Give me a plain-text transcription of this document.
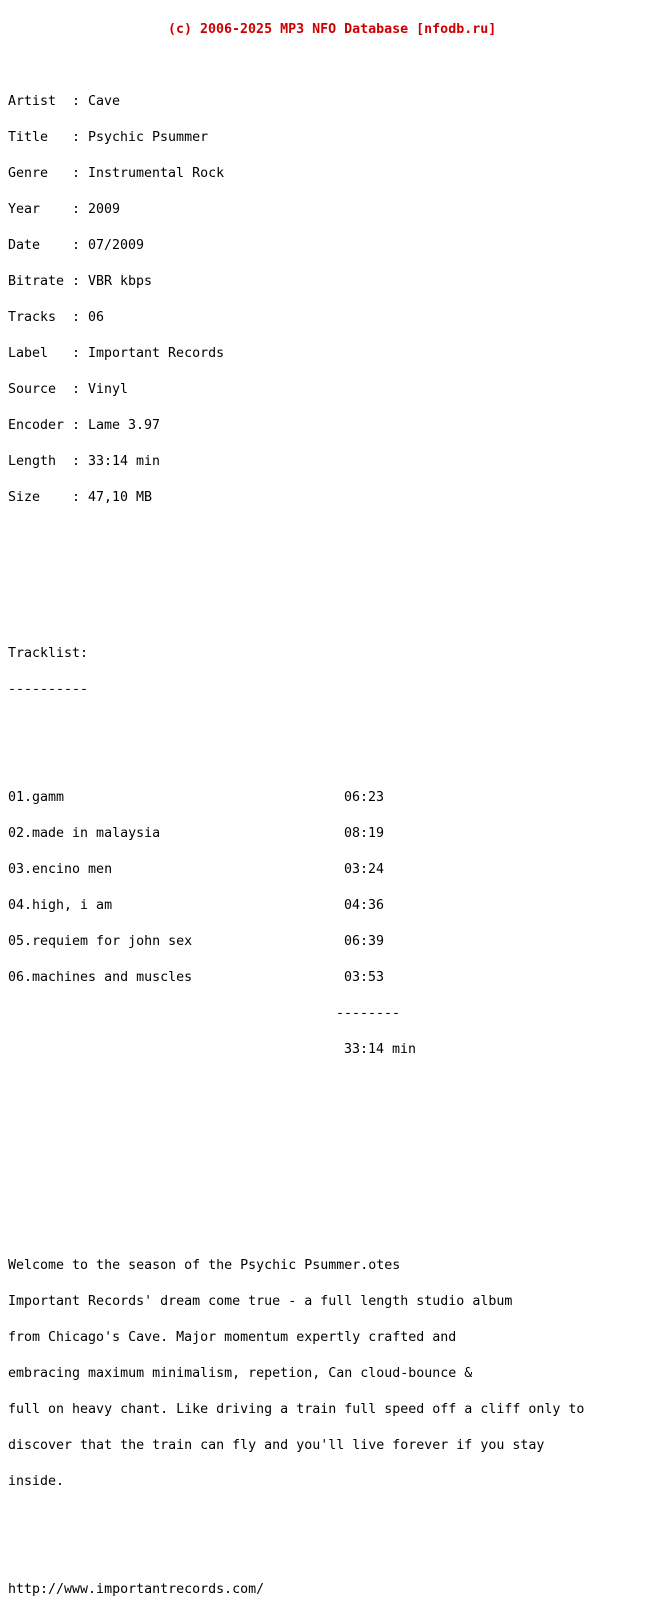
(c) 2006-2025 MP3 NFO Database [nfodb.ru]

Artist : Cave

Title : Psychic Psummer

Genre : Instrumental Rock

Year : 2009

Date : 07/2009

Bitrate : VBR kbps

Tracks : 06

Label : Important Records

Source : Vinyl

Encoder : Lame 3.97

Length : 33:14 min

Size : 47,10 MB

Tracklist:

----------

01.gamm	06:23

02.made in malaysia	08:19

03.encino men	03:24

04.high, i am	04:36

05.requiem for john sex	06:39

06.machines and muscles	03:53

--------

33:14 min

Welcome to the season of the Psychic Psummer.otes

Important Records' dream come true - a full length studio album

from Chicago's Cave. Major momentum expertly crafted and

embracing maximum minimalism, repetion, Can cloud-bounce &

full on heavy chant. Like driving a train full speed off a cliff only to

discover that the train can fly and you'll live forever if you stay

inside.

http://www.importantrecords.com/
